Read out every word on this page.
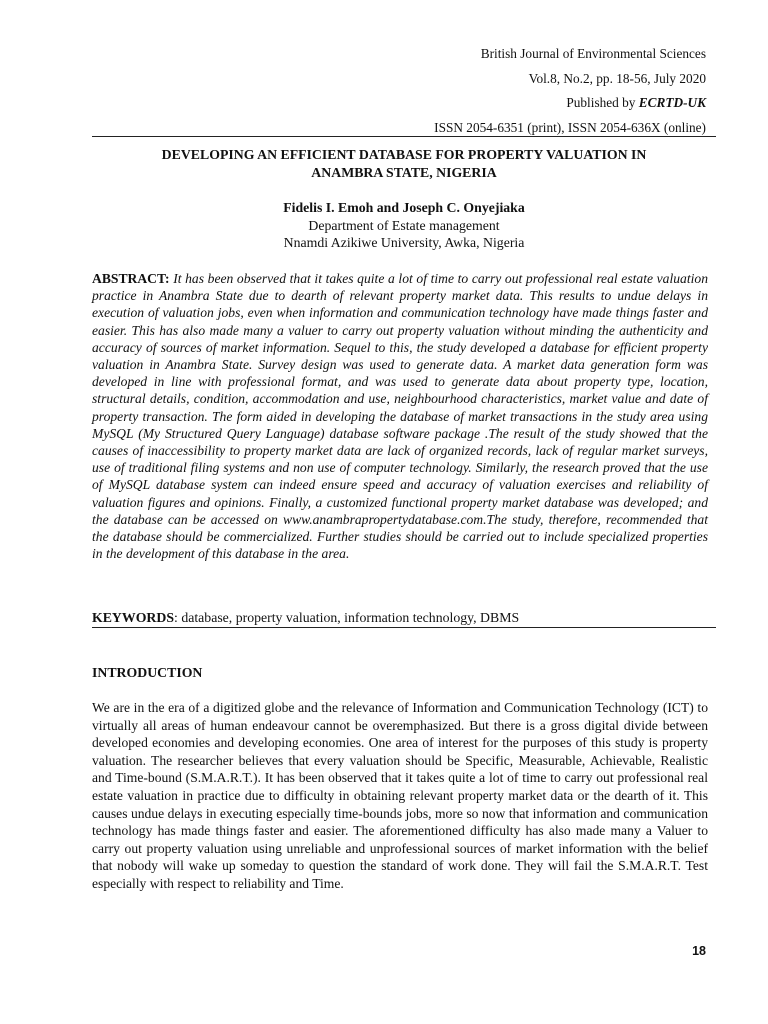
British Journal of Environmental Sciences
Vol.8, No.2, pp. 18-56, July 2020
Published by ECRTD-UK
ISSN 2054-6351 (print), ISSN 2054-636X (online)
DEVELOPING AN EFFICIENT DATABASE FOR PROPERTY VALUATION IN
ANAMBRA STATE, NIGERIA
Fidelis I. Emoh and Joseph C. Onyejiaka
Department of Estate management
Nnamdi Azikiwe University, Awka, Nigeria
ABSTRACT: It has been observed that it takes quite a lot of time to carry out professional real estate valuation practice in Anambra State due to dearth of relevant property market data. This results to undue delays in execution of valuation jobs, even when information and communication technology have made things faster and easier. This has also made many a valuer to carry out property valuation without minding the authenticity and accuracy of sources of market information. Sequel to this, the study developed a database for efficient property valuation in Anambra State. Survey design was used to generate data. A market data generation form was developed in line with professional format, and was used to generate data about property type, location, structural details, condition, accommodation and use, neighbourhood characteristics, market value and date of property transaction. The form aided in developing the database of market transactions in the study area using MySQL (My Structured Query Language) database software package .The result of the study showed that the causes of inaccessibility to property market data are lack of organized records, lack of regular market surveys, use of traditional filing systems and non use of computer technology. Similarly, the research proved that the use of MySQL database system can indeed ensure speed and accuracy of valuation exercises and reliability of valuation figures and opinions. Finally, a customized functional property market database was developed; and the database can be accessed on www.anambrapropertydatabase.com.The study, therefore, recommended that the database should be commercialized. Further studies should be carried out to include specialized properties in the development of this database in the area.
KEYWORDS: database, property valuation, information technology, DBMS
INTRODUCTION
We are in the era of a digitized globe and the relevance of Information and Communication Technology (ICT) to virtually all areas of human endeavour cannot be overemphasized. But there is a gross digital divide between developed economies and developing economies. One area of interest for the purposes of this study is property valuation. The researcher believes that every valuation should be Specific, Measurable, Achievable, Realistic and Time-bound (S.M.A.R.T.). It has been observed that it takes quite a lot of time to carry out professional real estate valuation in practice due to difficulty in obtaining relevant property market data or the dearth of it. This causes undue delays in executing especially time-bounds jobs, more so now that information and communication technology has made things faster and easier. The aforementioned difficulty has also made many a Valuer to carry out property valuation using unreliable and unprofessional sources of market information with the belief that nobody will wake up someday to question the standard of work done. They will fail the S.M.A.R.T. Test especially with respect to reliability and Time.
18
